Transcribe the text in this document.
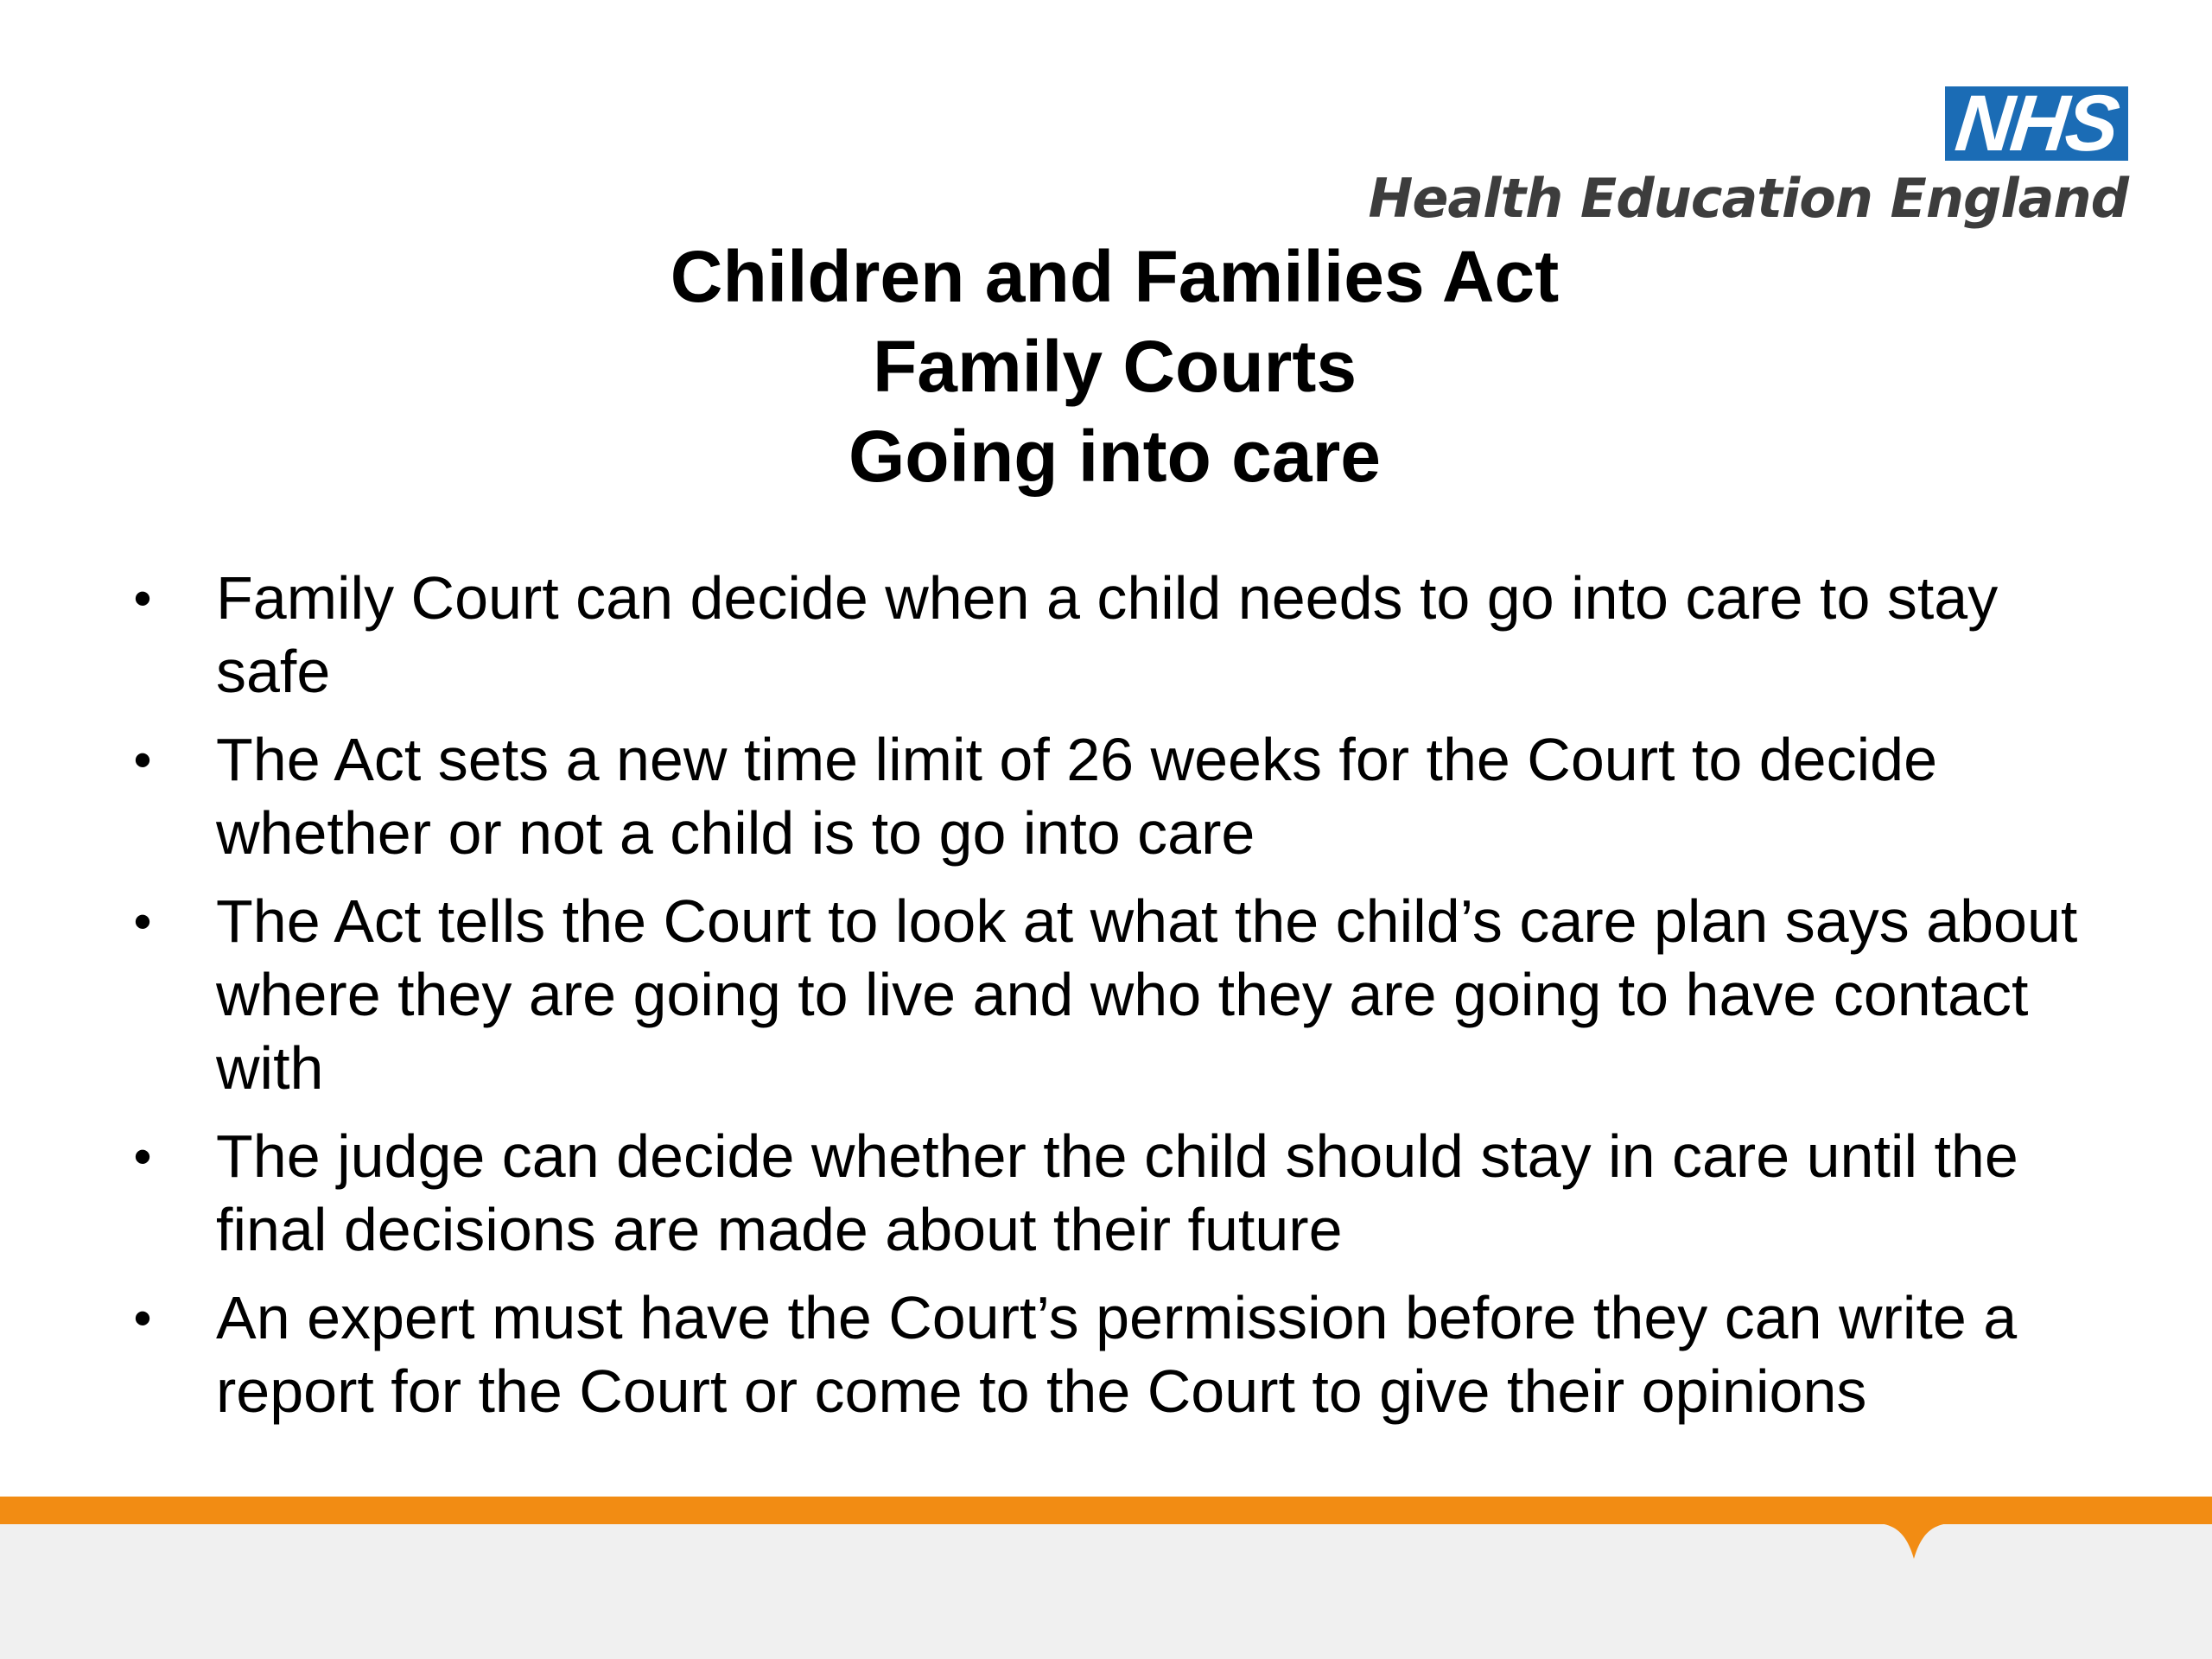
NHS
Health Education England
Children and Families Act
Family Courts
Going into care
• Family Court can decide when a child needs to go into care to stay safe
• The Act sets a new time limit of 26 weeks for the Court to decide whether or not a child is to go into care
• The Act tells the Court to look at what the child’s care plan says about where they are going to live and who they are going to have contact with
• The judge can decide whether the child should stay in care until the final decisions are made about their future
• An expert must have the Court’s permission before they can write a report for the Court or come to the Court to give their opinions
